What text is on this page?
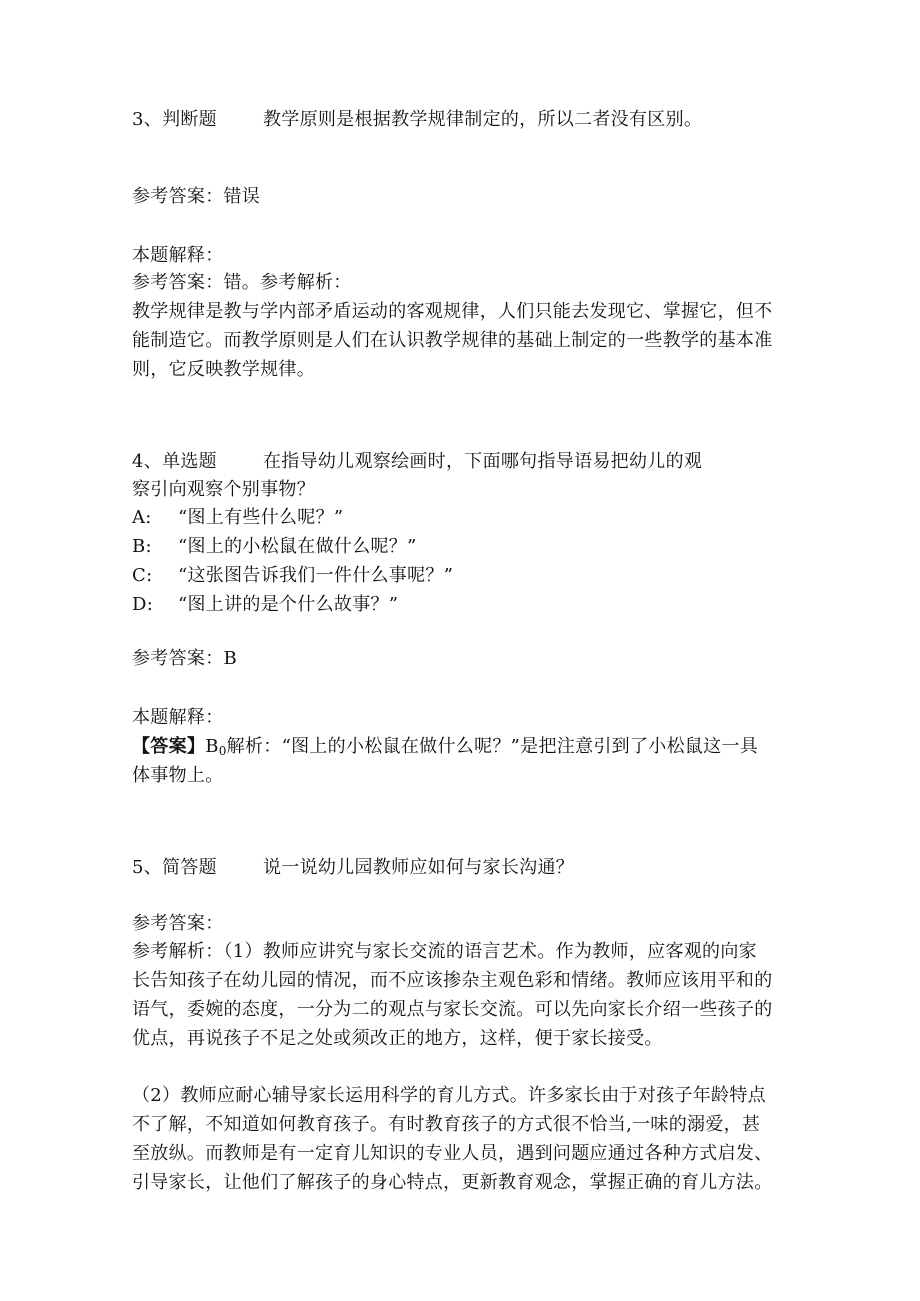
3、判断题	教学原则是根据教学规律制定的，所以二者没有区别。
参考答案：错误
本题解释：
参考答案：错。参考解析：
教学规律是教与学内部矛盾运动的客观规律，人们只能去发现它、掌握它，但不
能制造它。而教学原则是人们在认识教学规律的基础上制定的一些教学的基本准
则，它反映教学规律。
4、单选题	在指导幼儿观察绘画时，下面哪句指导语易把幼儿的观
察引向观察个别事物？
A: “图上有些什么呢？”
B: “图上的小松鼠在做什么呢？”
C: “这张图告诉我们一件什么事呢？”
D: “图上讲的是个什么故事？”
参考答案：B
本题解释：
【答案】B0解析：“图上的小松鼠在做什么呢？”是把注意引到了小松鼠这一具
体事物上。
5、简答题	说一说幼儿园教师应如何与家长沟通？
参考答案：
参考解析：（1）教师应讲究与家长交流的语言艺术。作为教师，应客观的向家
长告知孩子在幼儿园的情况，而不应该掺杂主观色彩和情绪。教师应该用平和的
语气，委婉的态度，一分为二的观点与家长交流。可以先向家长介绍一些孩子的
优点，再说孩子不足之处或须改正的地方，这样，便于家长接受。
（2）教师应耐心辅导家长运用科学的育儿方式。许多家长由于对孩子年龄特点
不了解，不知道如何教育孩子。有时教育孩子的方式很不恰当,一味的溺爱，甚
至放纵。而教师是有一定育儿知识的专业人员，遇到问题应通过各种方式启发、
引导家长，让他们了解孩子的身心特点，更新教育观念，掌握正确的育儿方法。
